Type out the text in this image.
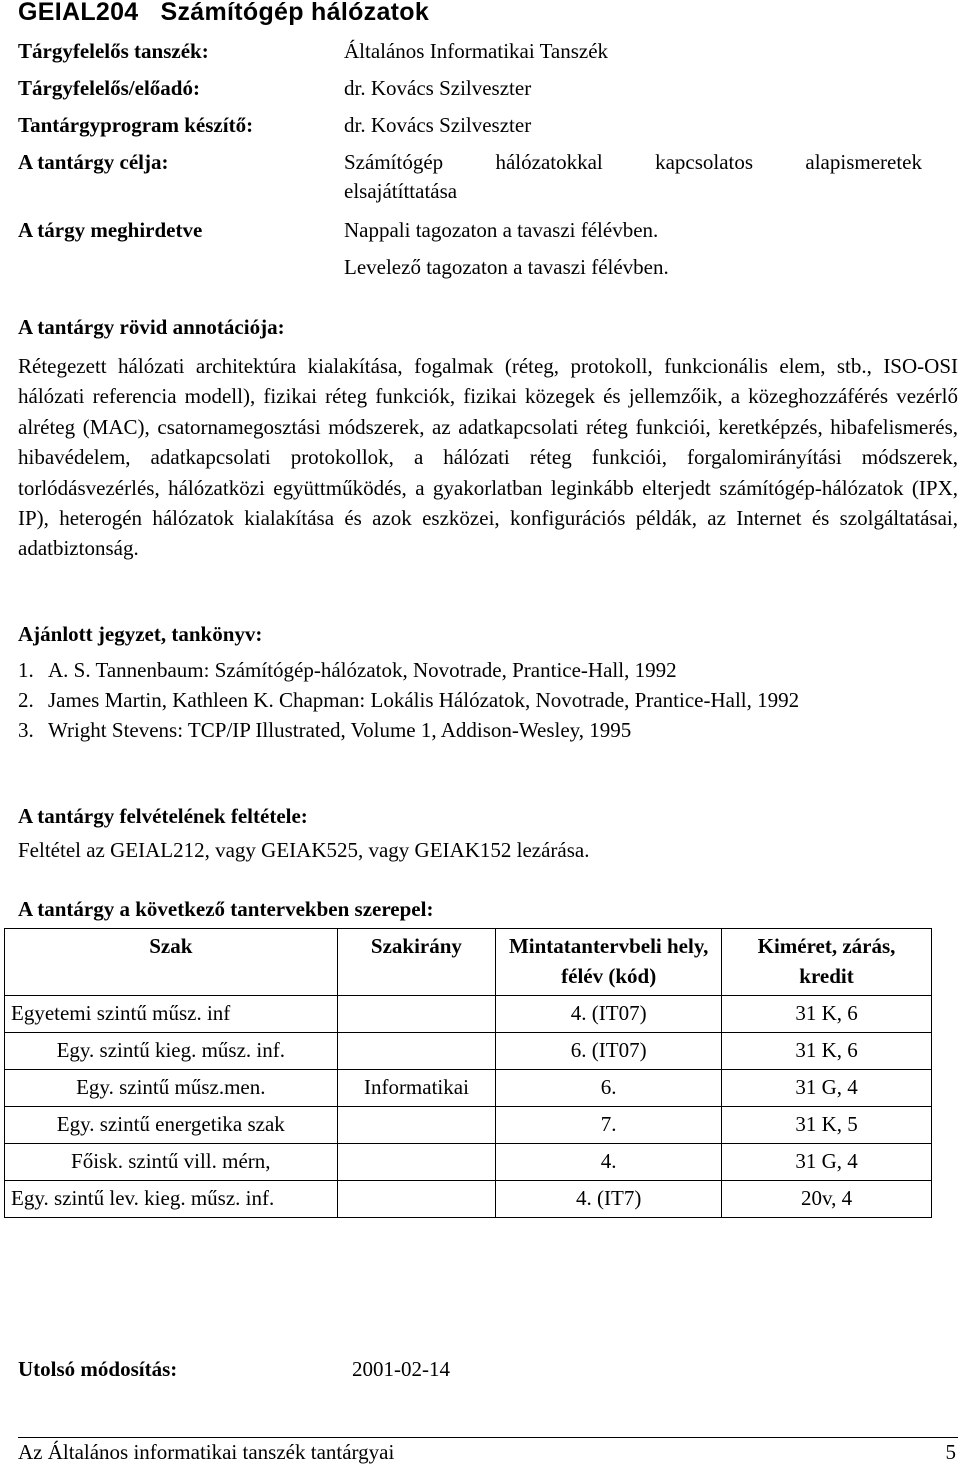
GEIAL204 Számítógép hálózatok
Tárgyfelelős tanszék:	Általános Informatikai Tanszék
Tárgyfelelős/előadó:	dr. Kovács Szilveszter
Tantárgyprogram készítő:	dr. Kovács Szilveszter
A tantárgy célja:	Számítógép hálózatokkal kapcsolatos alapismeretek
elsajátíttatása
A tárgy meghirdetve	Nappali tagozaton a tavaszi félévben.
Levelező tagozaton a tavaszi félévben.
A tantárgy rövid annotációja:
Rétegezett hálózati architektúra kialakítása, fogalmak (réteg, protokoll, funkcionális elem, stb., ISO-OSI hálózati referencia modell), fizikai réteg funkciók, fizikai közegek és jellemzőik, a közeghozzáférés vezérlő alréteg (MAC), csatornamegosztási módszerek, az adatkapcsolati réteg funkciói, keretképzés, hibafelismerés, hibavédelem, adatkapcsolati protokollok, a hálózati réteg funkciói, forgalomirányítási módszerek, torlódásvezérlés, hálózatközi együttműködés, a gyakorlatban leginkább elterjedt számítógép-hálózatok (IPX, IP), heterogén hálózatok kialakítása és azok eszközei, konfigurációs példák, az Internet és szolgáltatásai, adatbiztonság.
Ajánlott jegyzet, tankönyv:
1. A. S. Tannenbaum: Számítógép-hálózatok, Novotrade, Prantice-Hall, 1992
2. James Martin, Kathleen K. Chapman: Lokális Hálózatok, Novotrade, Prantice-Hall, 1992
3. Wright Stevens: TCP/IP Illustrated, Volume 1, Addison-Wesley, 1995
A tantárgy felvételének feltétele:
Feltétel az GEIAL212, vagy GEIAK525, vagy GEIAK152 lezárása.
A tantárgy a következő tantervekben szerepel:
Szak	Szakirány	Mintatantervbeli hely, félév (kód)	Kiméret, zárás, kredit
Egyetemi szintű műsz. inf		4. (IT07)	31 K, 6
Egy. szintű kieg. műsz. inf.		6. (IT07)	31 K, 6
Egy. szintű műsz.men.	Informatikai	6.	31 G, 4
Egy. szintű energetika szak		7.	31 K, 5
Főisk. szintű vill. mérn,		4.	31 G, 4
Egy. szintű lev. kieg. műsz. inf.		4. (IT7)	20v, 4
Utolsó módosítás:	2001-02-14
Az Általános informatikai tanszék tantárgyai	5
